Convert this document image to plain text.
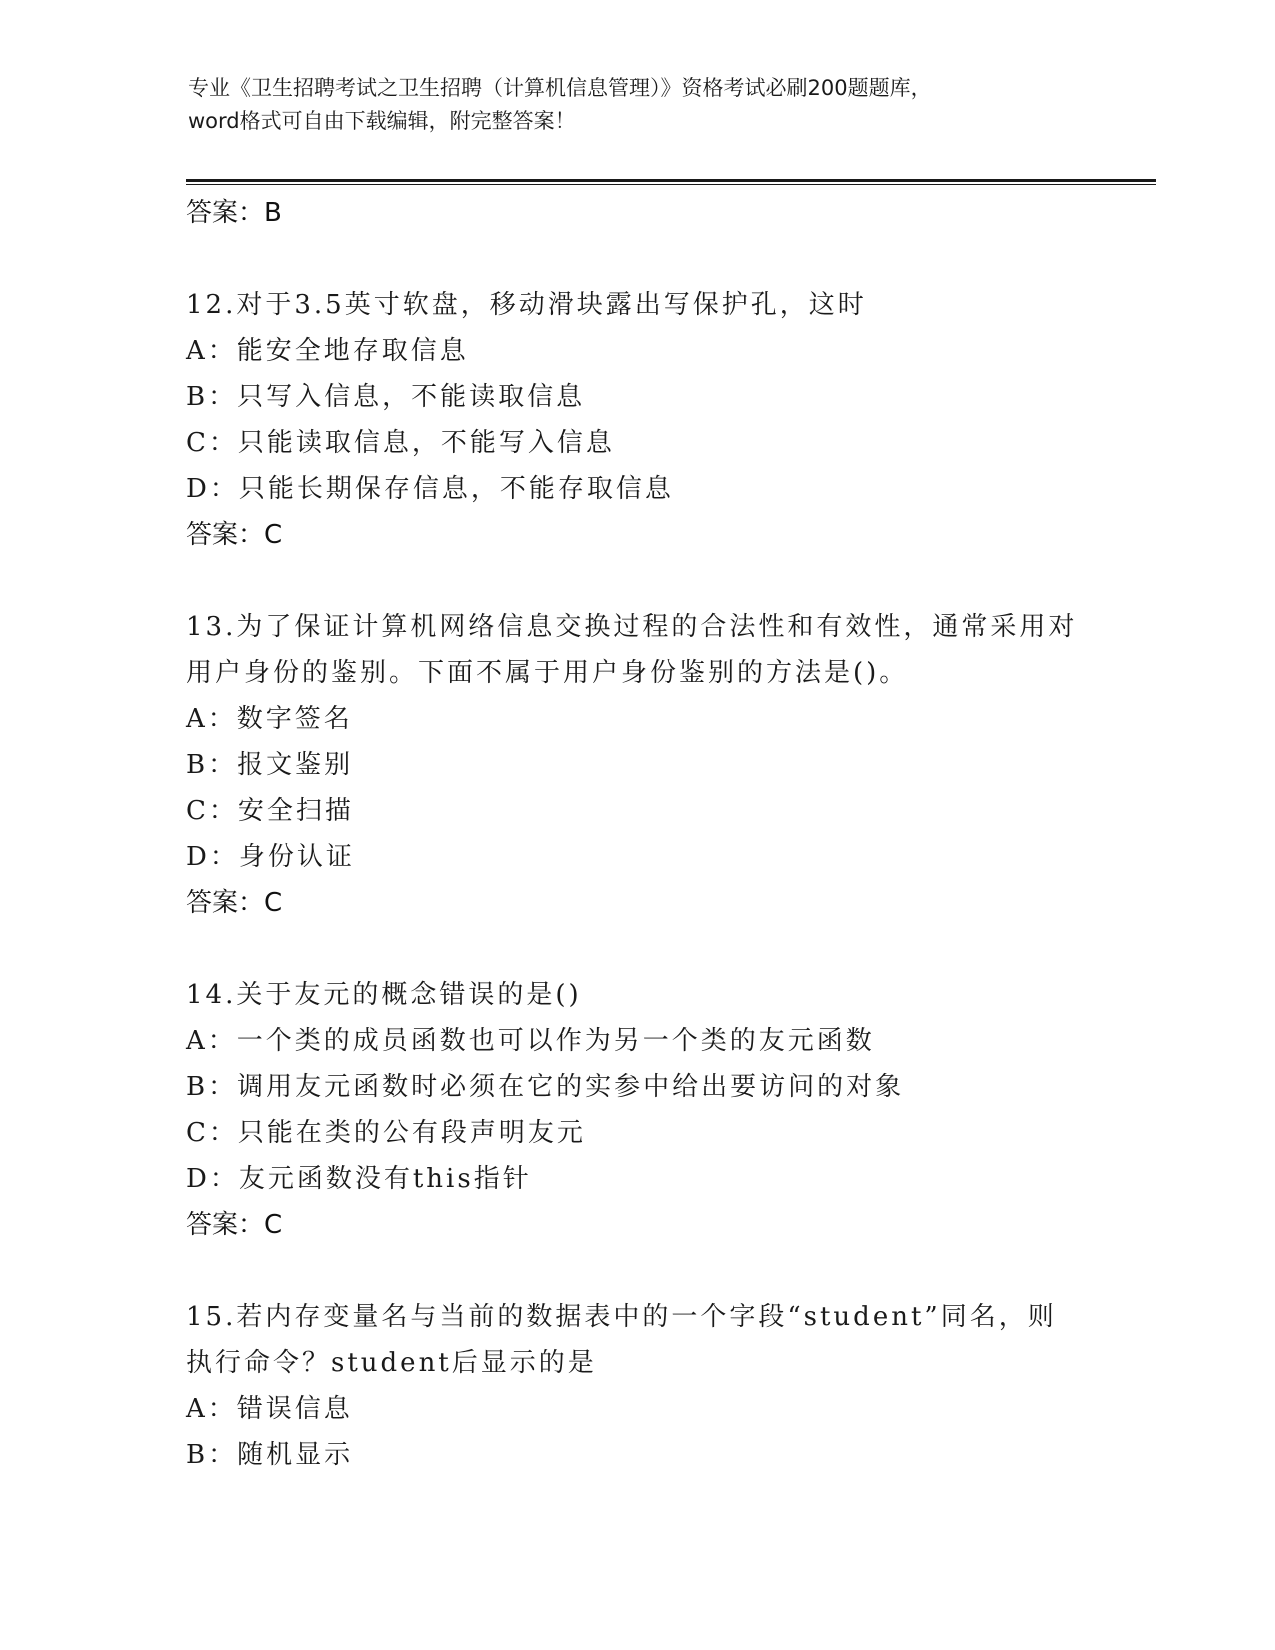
专业《卫生招聘考试之卫生招聘（计算机信息管理）》资格考试必刷200题题库，
word格式可自由下载编辑，附完整答案！
答案：B
12.对于3.5英寸软盘，移动滑块露出写保护孔，这时
A：能安全地存取信息
B：只写入信息，不能读取信息
C：只能读取信息，不能写入信息
D：只能长期保存信息，不能存取信息
答案：C
13.为了保证计算机网络信息交换过程的合法性和有效性，通常采用对
用户身份的鉴别。下面不属于用户身份鉴别的方法是()。
A：数字签名
B：报文鉴别
C：安全扫描
D：身份认证
答案：C
14.关于友元的概念错误的是()
A：一个类的成员函数也可以作为另一个类的友元函数
B：调用友元函数时必须在它的实参中给出要访问的对象
C：只能在类的公有段声明友元
D：友元函数没有this指针
答案：C
15.若内存变量名与当前的数据表中的一个字段“student”同名，则
执行命令？student后显示的是
A：错误信息
B：随机显示
